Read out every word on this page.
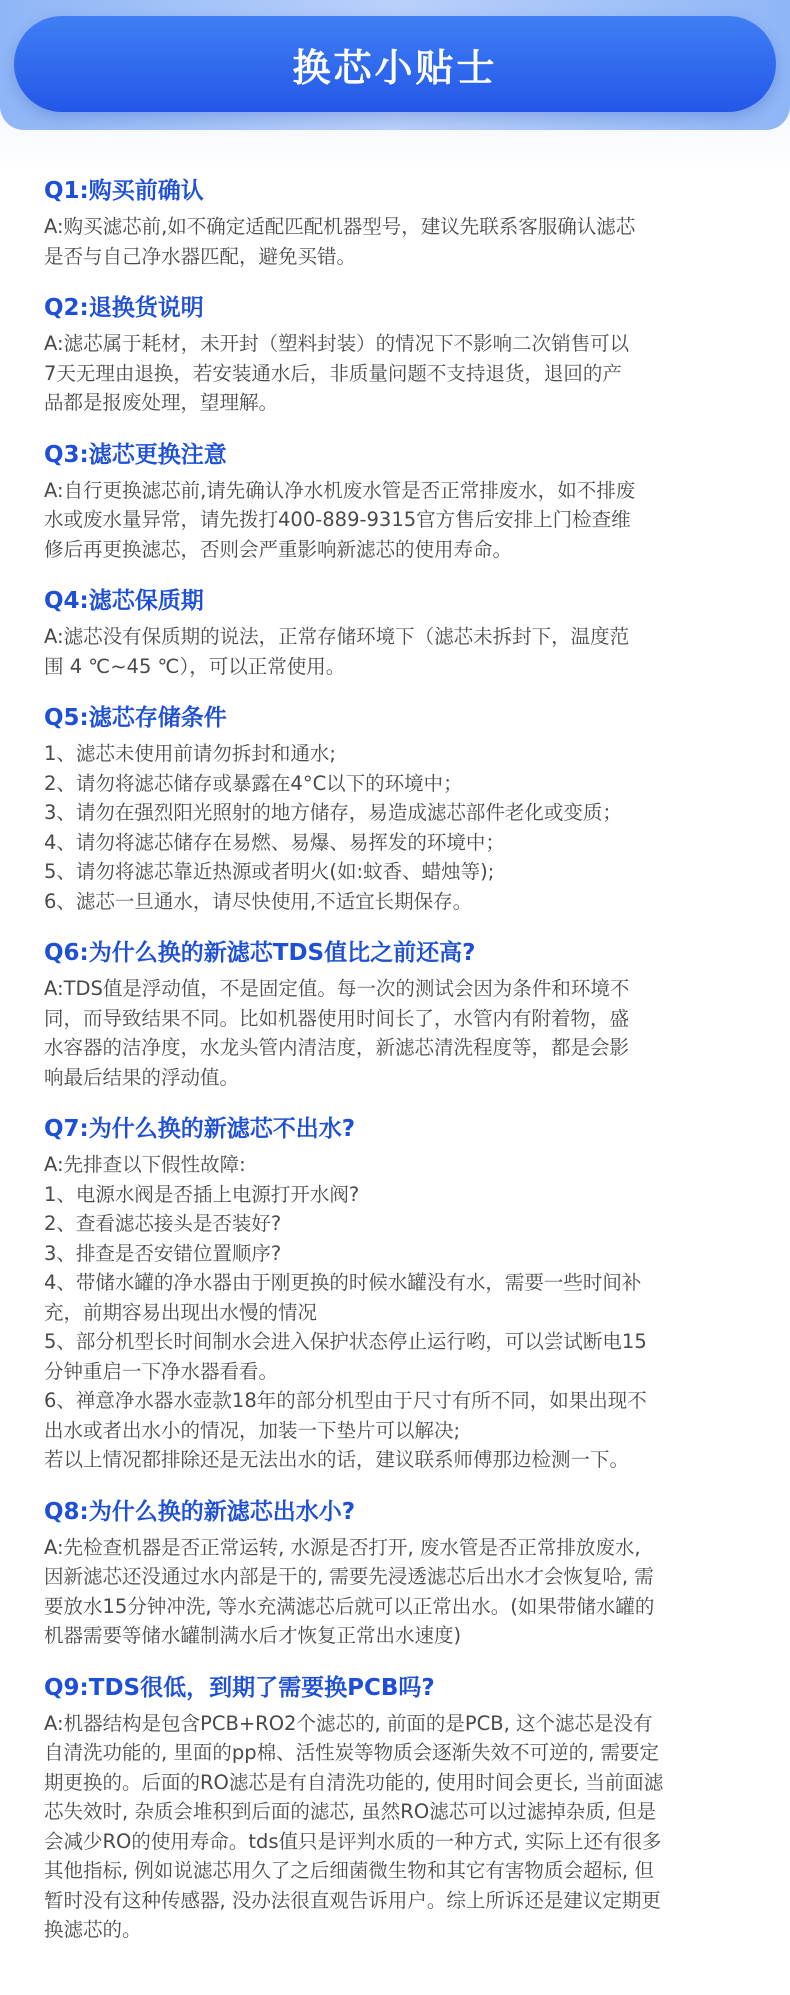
换芯小贴士
Q1:购买前确认
A:购买滤芯前,如不确定适配匹配机器型号，建议先联系客服确认滤芯
是否与自己净水器匹配，避免买错。
Q2:退换货说明
A:滤芯属于耗材，未开封（塑料封装）的情况下不影响二次销售可以
7天无理由退换，若安装通水后，非质量问题不支持退货，退回的产
品都是报废处理，望理解。
Q3:滤芯更换注意
A:自行更换滤芯前,请先确认净水机废水管是否正常排废水，如不排废
水或废水量异常，请先拨打400-889-9315官方售后安排上门检查维
修后再更换滤芯，否则会严重影响新滤芯的使用寿命。
Q4:滤芯保质期
A:滤芯没有保质期的说法，正常存储环境下（滤芯未拆封下，温度范
围 4 ℃~45 ℃），可以正常使用。
Q5:滤芯存储条件
1、滤芯未使用前请勿拆封和通水;
2、请勿将滤芯储存或暴露在4°C以下的环境中；
3、请勿在强烈阳光照射的地方储存，易造成滤芯部件老化或变质；
4、请勿将滤芯储存在易燃、易爆、易挥发的环境中；
5、请勿将滤芯靠近热源或者明火(如:蚊香、蜡烛等);
6、滤芯一旦通水，请尽快使用,不适宜长期保存。
Q6:为什么换的新滤芯TDS值比之前还高?
A:TDS值是浮动值，不是固定值。每一次的测试会因为条件和环境不
同，而导致结果不同。比如机器使用时间长了，水管内有附着物，盛
水容器的洁净度，水龙头管内清洁度，新滤芯清洗程度等，都是会影
响最后结果的浮动值。
Q7:为什么换的新滤芯不出水?
A:先排查以下假性故障:
1、电源水阀是否插上电源打开水阀?
2、查看滤芯接头是否装好?
3、排查是否安错位置顺序?
4、带储水罐的净水器由于刚更换的时候水罐没有水，需要一些时间补
充，前期容易出现出水慢的情况
5、部分机型长时间制水会进入保护状态停止运行哟，可以尝试断电15
分钟重启一下净水器看看。
6、禅意净水器水壶款18年的部分机型由于尺寸有所不同，如果出现不
出水或者出水小的情况，加装一下垫片可以解决;
若以上情况都排除还是无法出水的话，建议联系师傅那边检测一下。
Q8:为什么换的新滤芯出水小?
A:先检查机器是否正常运转, 水源是否打开, 废水管是否正常排放废水,
因新滤芯还没通过水内部是干的, 需要先浸透滤芯后出水才会恢复哈, 需
要放水15分钟冲洗, 等水充满滤芯后就可以正常出水。(如果带储水罐的
机器需要等储水罐制满水后才恢复正常出水速度)
Q9:TDS很低，到期了需要换PCB吗?
A:机器结构是包含PCB+RO2个滤芯的, 前面的是PCB, 这个滤芯是没有
自清洗功能的, 里面的pp棉、活性炭等物质会逐渐失效不可逆的, 需要定
期更换的。后面的RO滤芯是有自清洗功能的, 使用时间会更长, 当前面滤
芯失效时, 杂质会堆积到后面的滤芯, 虽然RO滤芯可以过滤掉杂质, 但是
会减少RO的使用寿命。tds值只是评判水质的一种方式, 实际上还有很多
其他指标, 例如说滤芯用久了之后细菌微生物和其它有害物质会超标, 但
暂时没有这种传感器, 没办法很直观告诉用户。综上所诉还是建议定期更
换滤芯的。
